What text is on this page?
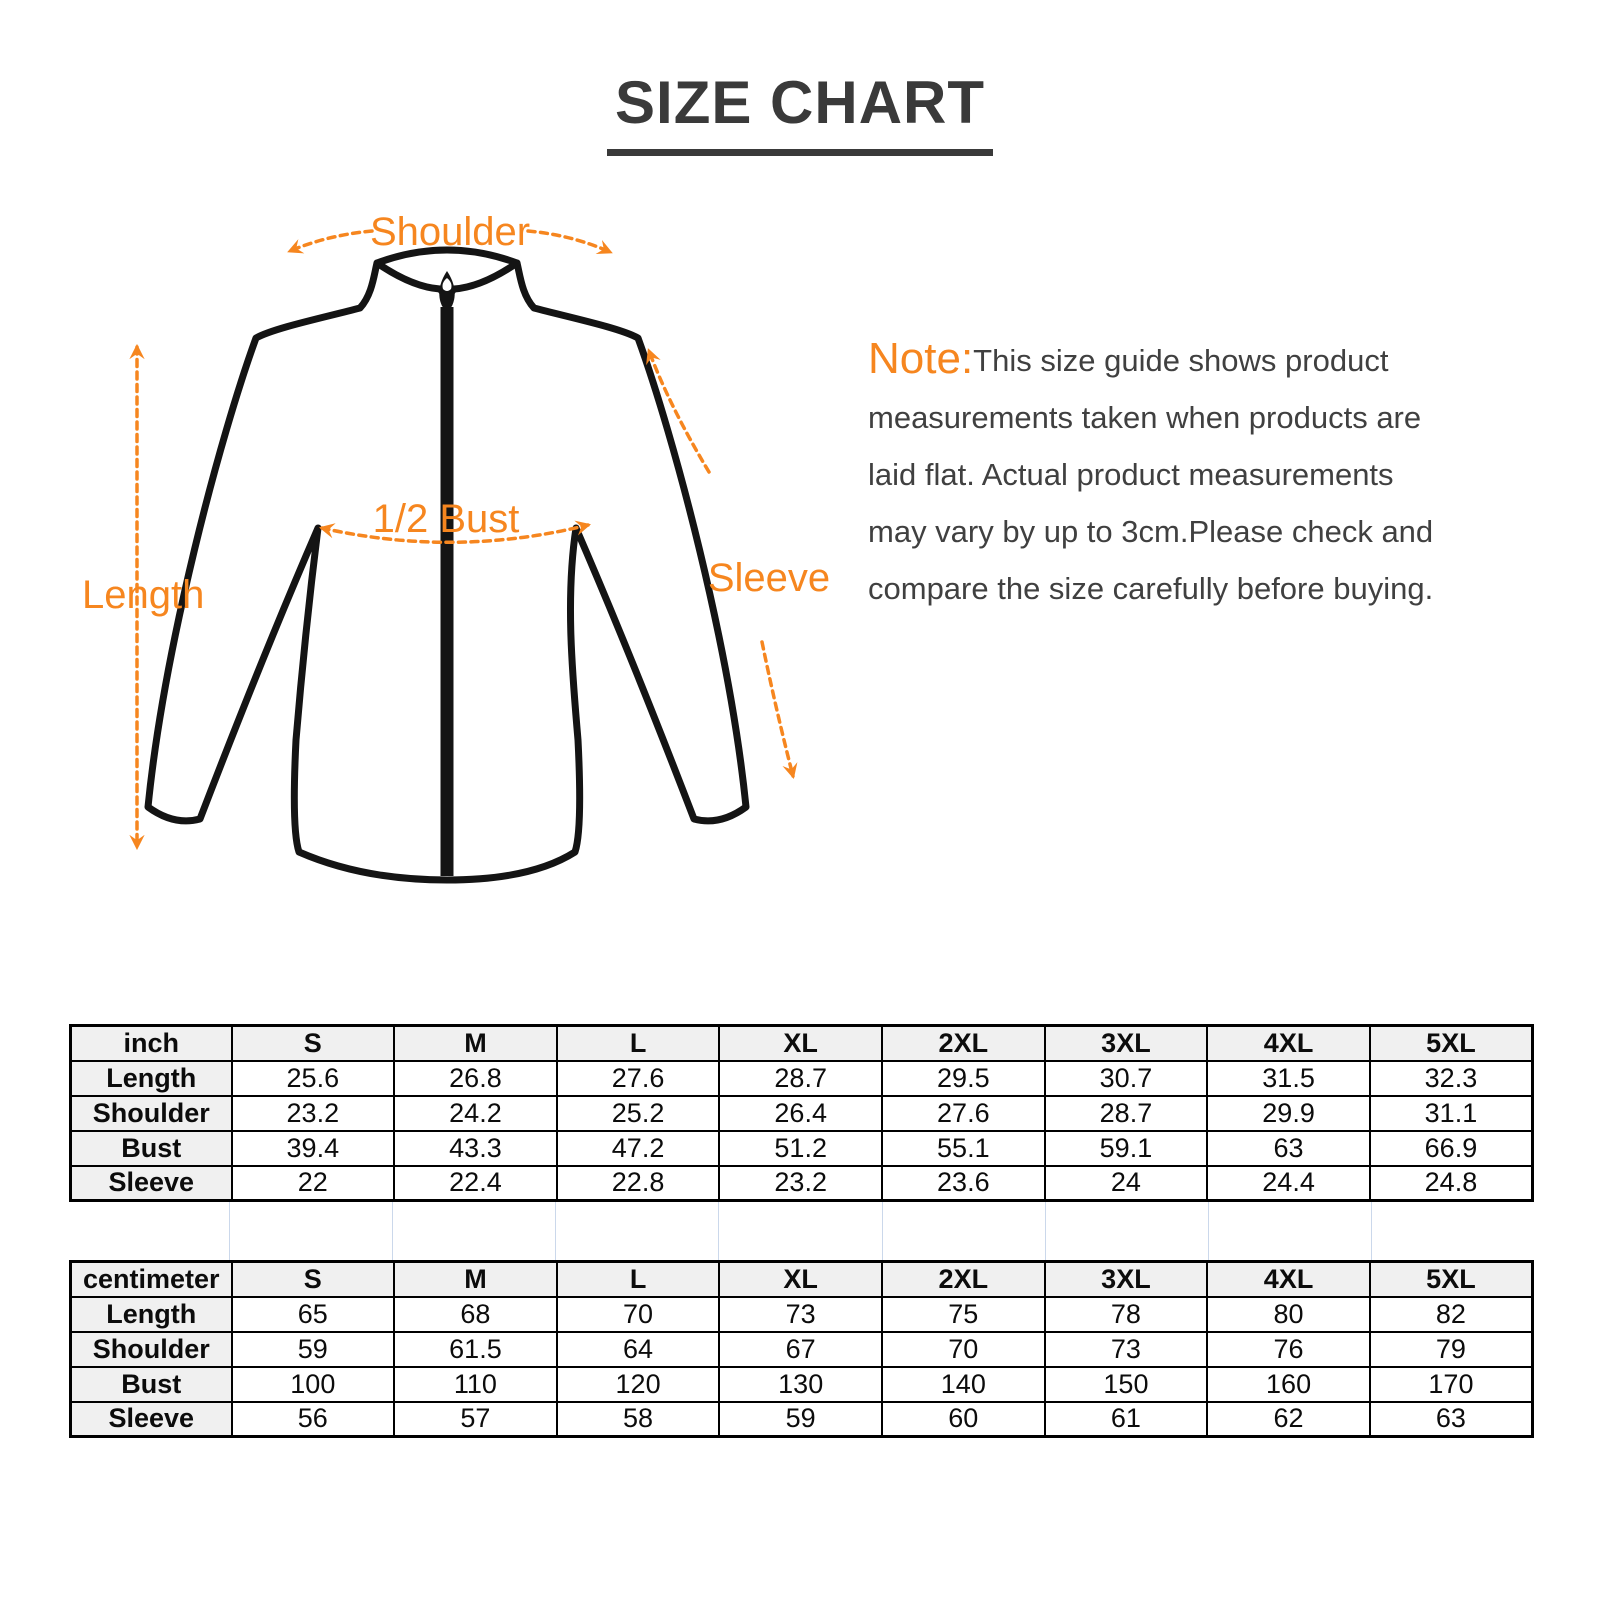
SIZE CHART
Shoulder
Length
1/2 Bust
Sleeve
Note:This size guide shows product
measurements taken when products are
laid flat. Actual product measurements
may vary by up to 3cm.Please check and
compare the size carefully before buying.
inch	S	M	L	XL	2XL	3XL	4XL	5XL
Length	25.6	26.8	27.6	28.7	29.5	30.7	31.5	32.3
Shoulder	23.2	24.2	25.2	26.4	27.6	28.7	29.9	31.1
Bust	39.4	43.3	47.2	51.2	55.1	59.1	63	66.9
Sleeve	22	22.4	22.8	23.2	23.6	24	24.4	24.8
centimeter	S	M	L	XL	2XL	3XL	4XL	5XL
Length	65	68	70	73	75	78	80	82
Shoulder	59	61.5	64	67	70	73	76	79
Bust	100	110	120	130	140	150	160	170
Sleeve	56	57	58	59	60	61	62	63
